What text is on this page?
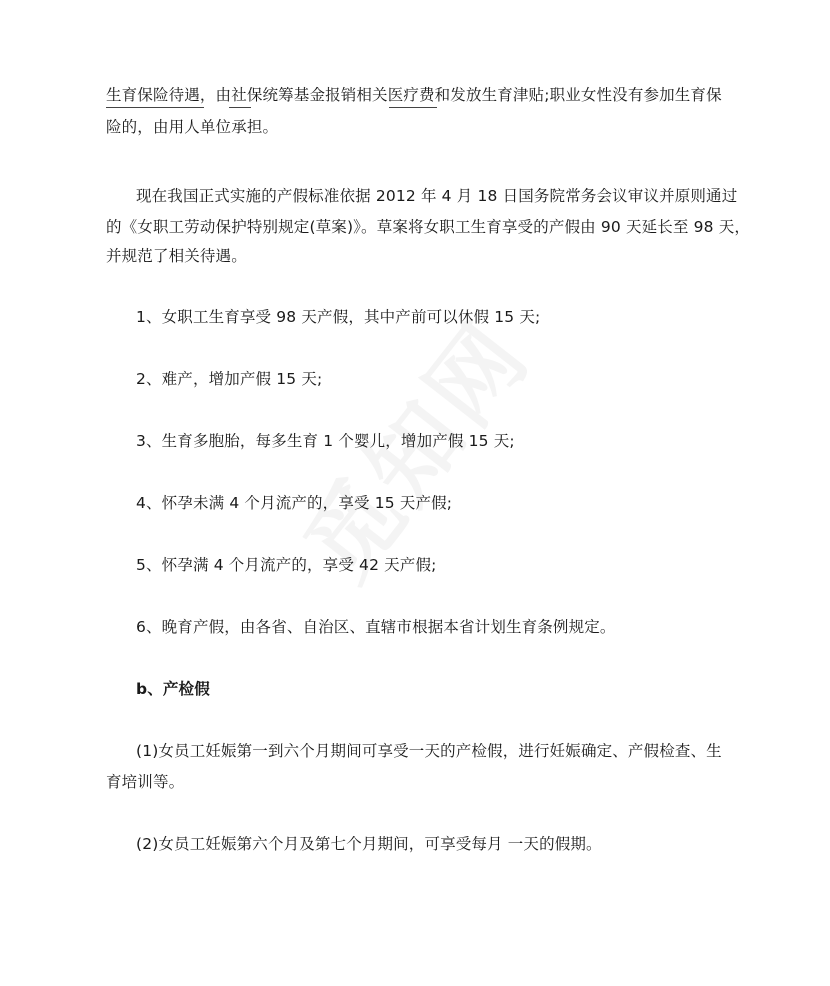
生育保险待遇，由社保统筹基金报销相关医疗费和发放生育津贴;职业女性没有参加生育保
险的，由用人单位承担。
现在我国正式实施的产假标准依据 2012 年 4 月 18 日国务院常务会议审议并原则通过
的《女职工劳动保护特别规定(草案)》。草案将女职工生育享受的产假由 90 天延长至 98 天，
并规范了相关待遇。
1、女职工生育享受 98 天产假，其中产前可以休假 15 天;
2、难产，增加产假 15 天;
3、生育多胞胎，每多生育 1 个婴儿，增加产假 15 天;
4、怀孕未满 4 个月流产的，享受 15 天产假;
5、怀孕满 4 个月流产的，享受 42 天产假;
6、晚育产假，由各省、自治区、直辖市根据本省计划生育条例规定。
b、产检假
(1)女员工妊娠第一到六个月期间可享受一天的产检假，进行妊娠确定、产假检查、生
育培训等。
(2)女员工妊娠第六个月及第七个月期间，可享受每月 一天的假期。
